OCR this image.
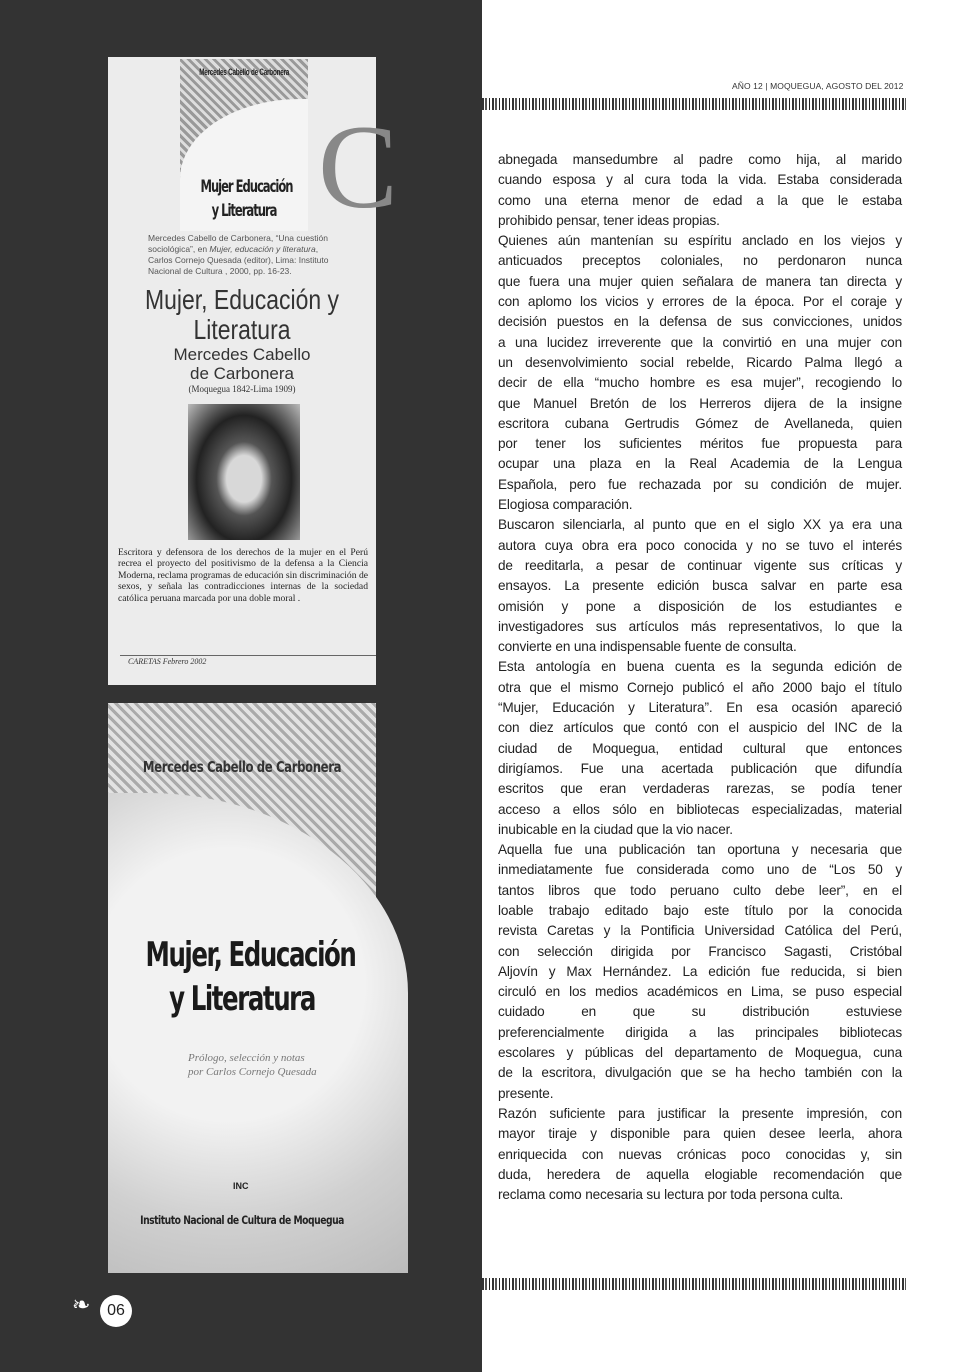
Mercedes Cabello de Carbonera
Mujer Educación
y Literatura C
Mercedes Cabello de Carbonera, “Una cuestión sociológica”, en Mujer, educación y literatura, Carlos Cornejo Quesada (editor), Lima: Instituto Nacional de Cultura , 2000, pp. 16-23.
Mujer, Educación y
Literatura
Mercedes Cabello
de Carbonera
(Moquegua 1842-Lima 1909)
Escritora y defensora de los derechos de la mujer en el Perú recrea el proyecto del positivismo de la defensa a la Ciencia Moderna, reclama programas de educación sin discriminación de sexos, y señala las contradicciones internas de la sociedad católica peruana marcada por una doble moral .
CARETAS Febrero 2002
Mercedes Cabello de Carbonera
Mujer, Educación
y Literatura
Prólogo, selección y notas
por Carlos Cornejo Quesada
INC
Instituto Nacional de Cultura de Moquegua
❧	06
AÑO 12 | MOQUEGUA, AGOSTO DEL 2012
abnegada mansedumbre al padre como hija, al marido
cuando esposa y al cura toda la vida. Estaba considerada
como una eterna menor de edad a la que le estaba
prohibido pensar, tener ideas propias.
Quienes aún mantenían su espíritu anclado en los viejos y
anticuados preceptos coloniales, no perdonaron nunca
que fuera una mujer quien señalara de manera tan directa y
con aplomo los vicios y errores de la época. Por el coraje y
decisión puestos en la defensa de sus convicciones, unidos
a una lucidez irreverente que la convirtió en una mujer con
un desenvolvimiento social rebelde, Ricardo Palma llegó a
decir de ella “mucho hombre es esa mujer”, recogiendo lo
que Manuel Bretón de los Herreros dijera de la insigne
escritora cubana Gertrudis Gómez de Avellaneda, quien
por tener los suficientes méritos fue propuesta para
ocupar una plaza en la Real Academia de la Lengua
Española, pero fue rechazada por su condición de mujer.
Elogiosa comparación.
Buscaron silenciarla, al punto que en el siglo XX ya era una
autora cuya obra era poco conocida y no se tuvo el interés
de reeditarla, a pesar de continuar vigente sus críticas y
ensayos. La presente edición busca salvar en parte esa
omisión y pone a disposición de los estudiantes e
investigadores sus artículos más representativos, lo que la
convierte en una indispensable fuente de consulta.
Esta antología en buena cuenta es la segunda edición de
otra que el mismo Cornejo publicó el año 2000 bajo el título
“Mujer, Educación y Literatura”. En esa ocasión apareció
con diez artículos que contó con el auspicio del INC de la
ciudad de Moquegua, entidad cultural que entonces
dirigíamos. Fue una acertada publicación que difundía
escritos que eran verdaderas rarezas, se podía tener
acceso a ellos sólo en bibliotecas especializadas, material
inubicable en la ciudad que la vio nacer.
Aquella fue una publicación tan oportuna y necesaria que
inmediatamente fue considerada como uno de “Los 50 y
tantos libros que todo peruano culto debe leer”, en el
loable trabajo editado bajo este título por la conocida
revista Caretas y la Pontificia Universidad Católica del Perú,
con selección dirigida por Francisco Sagasti, Cristóbal
Aljovín y Max Hernández. La edición fue reducida, si bien
circuló en los medios académicos en Lima, se puso especial
cuidado en que su distribución estuviese
preferencialmente dirigida a las principales bibliotecas
escolares y públicas del departamento de Moquegua, cuna
de la escritora, divulgación que se ha hecho también con la
presente.
Razón suficiente para justificar la presente impresión, con
mayor tiraje y disponible para quien desee leerla, ahora
enriquecida con nuevas crónicas poco conocidas y, sin
duda, heredera de aquella elogiable recomendación que
reclama como necesaria su lectura por toda persona culta.
